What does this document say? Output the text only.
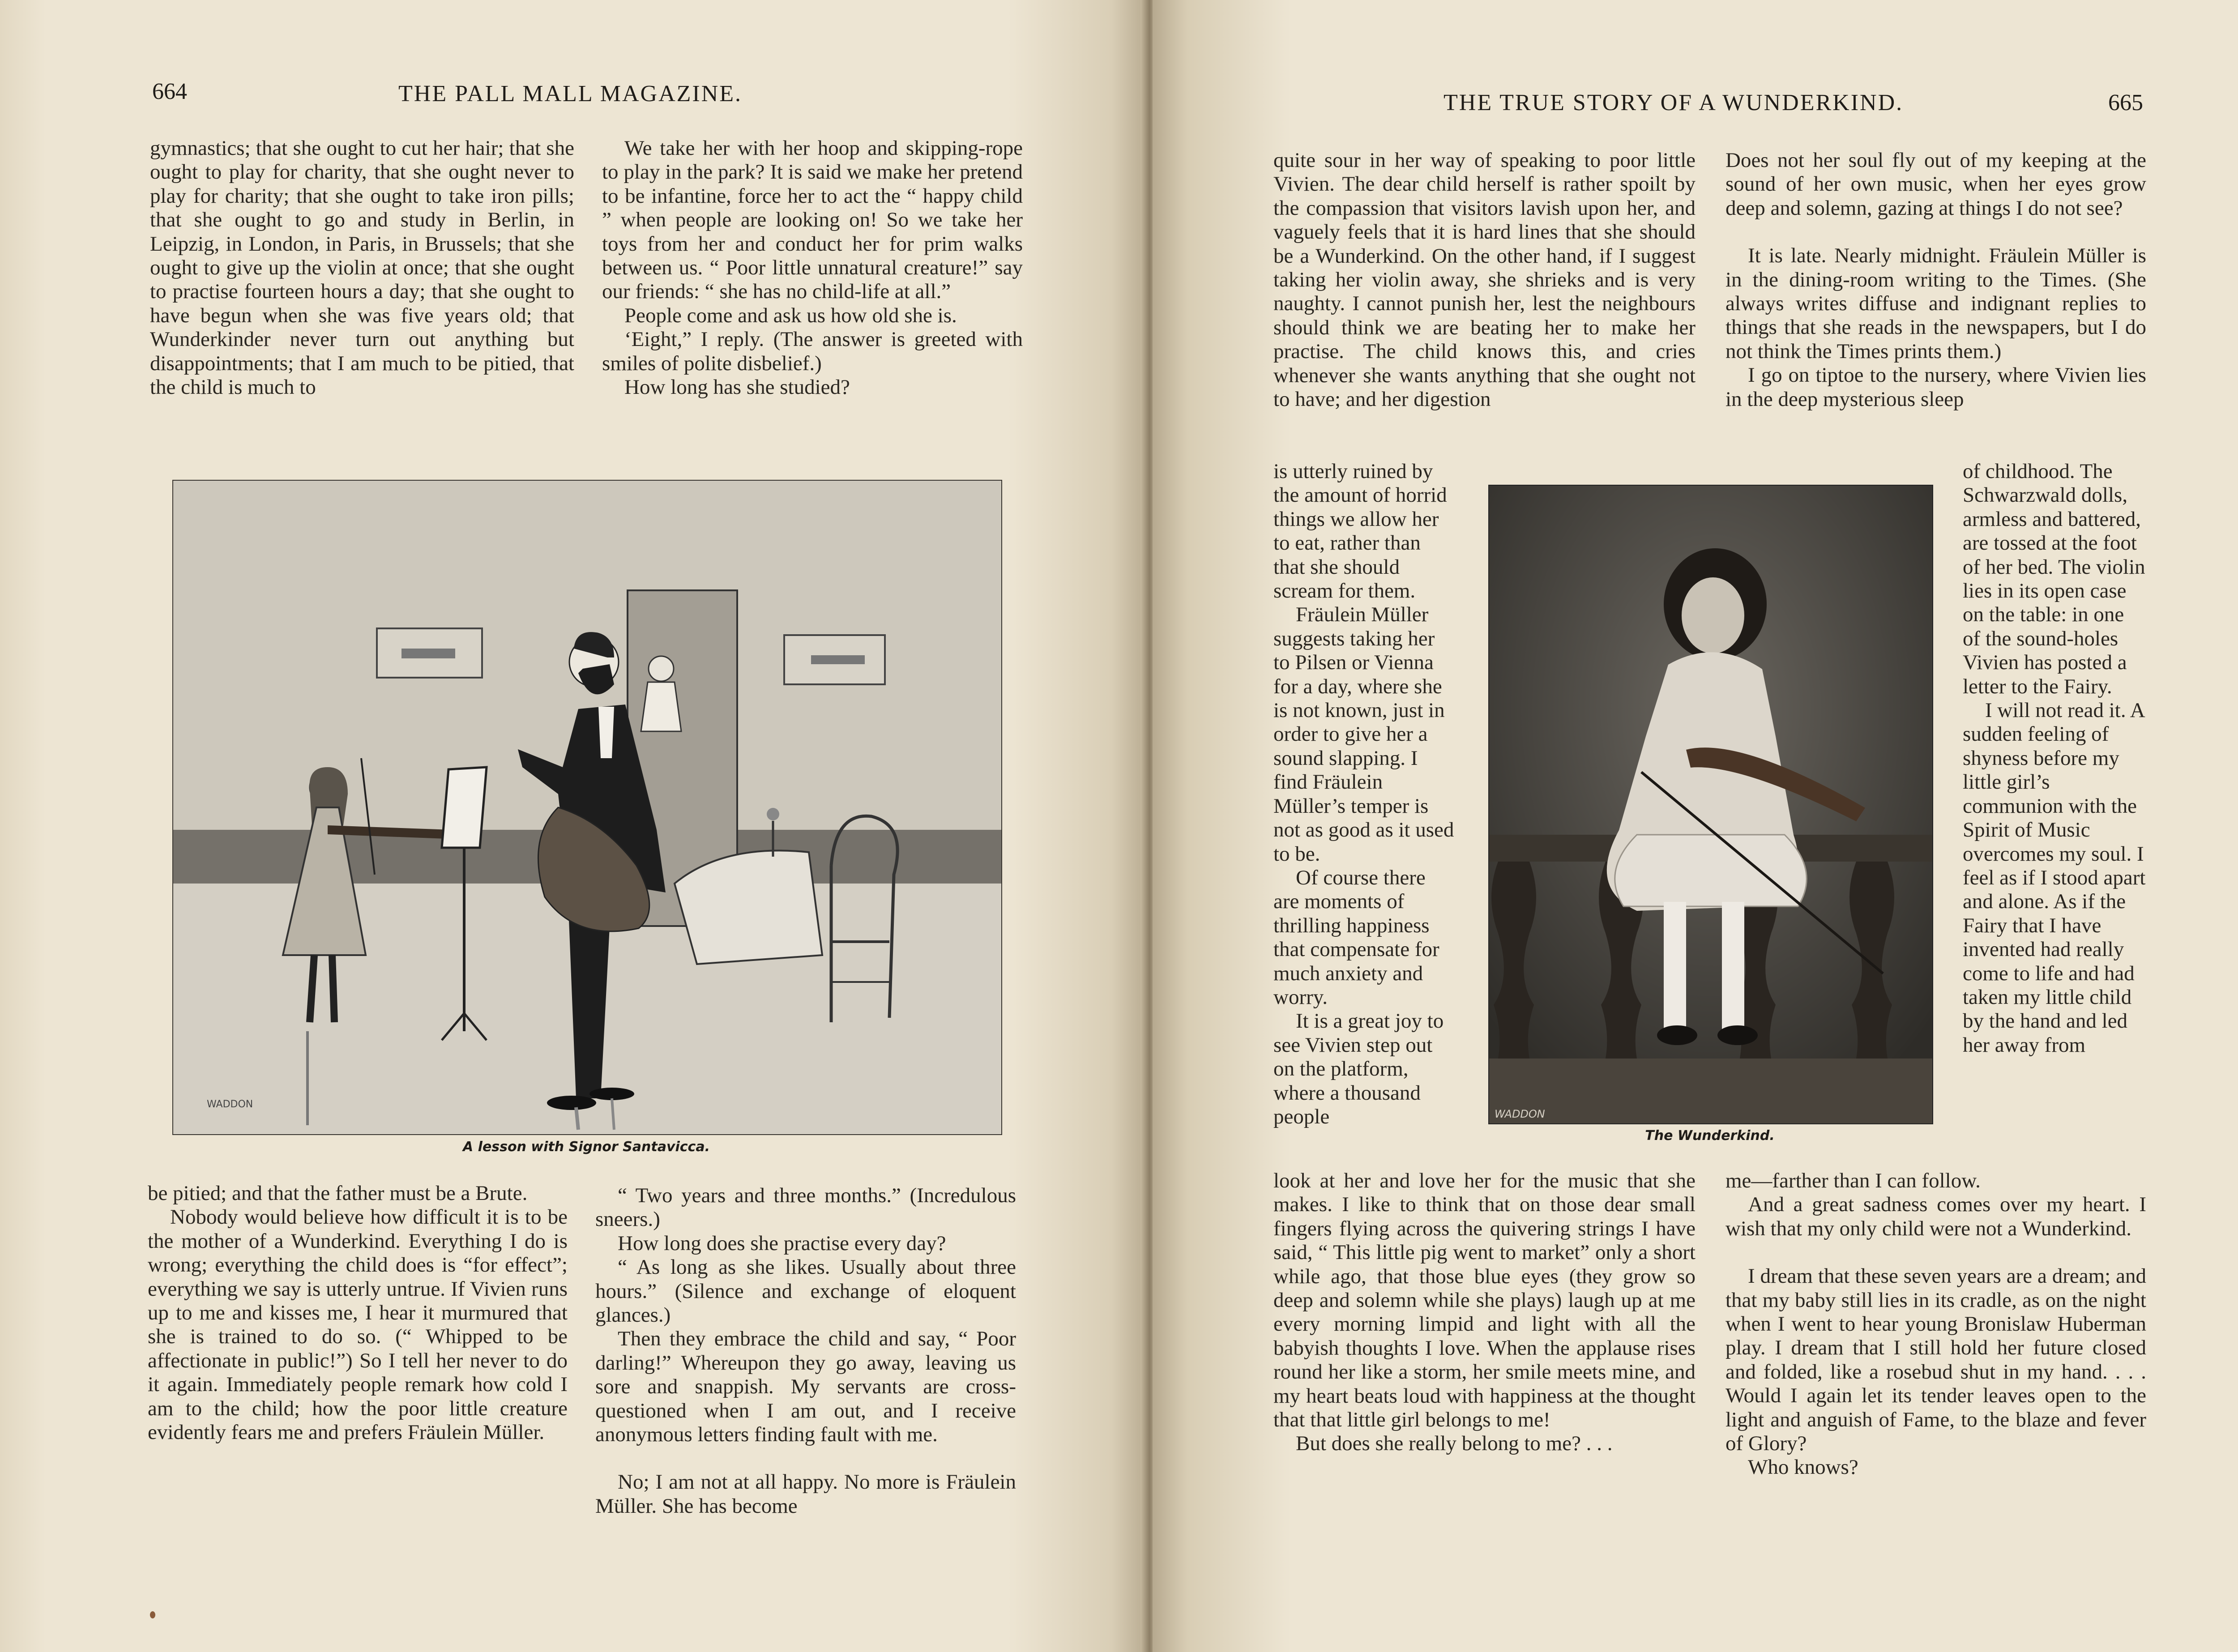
664	THE PALL MALL MAGAZINE.

gymnastics; that she ought to cut her hair; that she ought to play for charity, that she ought never to play for charity; that she ought to take iron pills; that she ought to go and study in Berlin, in Leipzig, in London, in Paris, in Brussels; that she ought to give up the violin at once; that she ought to practise fourteen hours a day; that she ought to have begun when she was five years old; that Wunderkinder never turn out anything but disappointments; that I am much to be pitied, that the child is much to

We take her with her hoop and skipping-rope to play in the park? It is said we make her pretend to be infantine, force her to act the “ happy child ” when people are looking on! So we take her toys from her and conduct her for prim walks between us. “ Poor little unnatural creature!” say our friends: “ she has no child-life at all.”

People come and ask us how old she is.

‘Eight,” I reply. (The answer is greeted with smiles of polite disbelief.)

How long has she studied?

WADDON
A lesson with Signor Santavicca.

be pitied; and that the father must be a Brute.

Nobody would believe how difficult it is to be the mother of a Wunderkind. Everything I do is wrong; everything the child does is “for effect”; everything we say is utterly untrue. If Vivien runs up to me and kisses me, I hear it murmured that she is trained to do so. (“ Whipped to be affectionate in public!”) So I tell her never to do it again. Immediately people remark how cold I am to the child; how the poor little creature evidently fears me and prefers Fräulein Müller.

“ Two years and three months.” (Incredulous sneers.)

How long does she practise every day?

“ As long as she likes. Usually about three hours.” (Silence and exchange of eloquent glances.)

Then they embrace the child and say, “ Poor darling!” Whereupon they go away, leaving us sore and snappish. My servants are cross-questioned when I am out, and I receive anonymous letters finding fault with me.

No; I am not at all happy. No more is Fräulein Müller. She has become

THE TRUE STORY OF A WUNDERKIND.	665

quite sour in her way of speaking to poor little Vivien. The dear child herself is rather spoilt by the compassion that visitors lavish upon her, and vaguely feels that it is hard lines that she should be a Wunderkind. On the other hand, if I suggest taking her violin away, she shrieks and is very naughty. I cannot punish her, lest the neighbours should think we are beating her to make her practise. The child knows this, and cries whenever she wants anything that she ought not to have; and her digestion

is utterly ruined by the amount of horrid things we allow her to eat, rather than that she should scream for them.

Fräulein Müller suggests taking her to Pilsen or Vienna for a day, where she is not known, just in order to give her a sound slapping. I find Fräulein Müller’s temper is not as good as it used to be.

Of course there are moments of thrilling happiness that compensate for much anxiety and worry.

It is a great joy to see Vivien step out on the platform, where a thousand people

look at her and love her for the music that she makes. I like to think that on those dear small fingers flying across the quivering strings I have said, “ This little pig went to market” only a short while ago, that those blue eyes (they grow so deep and solemn while she plays) laugh up at me every morning limpid and light with all the babyish thoughts I love. When the applause rises round her like a storm, her smile meets mine, and my heart beats loud with happiness at the thought that that little girl belongs to me!

But does she really belong to me? . . .

Does not her soul fly out of my keeping at the sound of her own music, when her eyes grow deep and solemn, gazing at things I do not see?

It is late. Nearly midnight. Fräulein Müller is in the dining-room writing to the Times. (She always writes diffuse and indignant replies to things that she reads in the newspapers, but I do not think the Times prints them.)

I go on tiptoe to the nursery, where Vivien lies in the deep mysterious sleep

of childhood. The Schwarzwald dolls, armless and battered, are tossed at the foot of her bed. The violin lies in its open case on the table: in one of the sound-holes Vivien has posted a letter to the Fairy.

I will not read it. A sudden feeling of shyness before my little girl’s communion with the Spirit of Music overcomes my soul. I feel as if I stood apart and alone. As if the Fairy that I have invented had really come to life and had taken my little child by the hand and led her away from

me—farther than I can follow.

And a great sadness comes over my heart. I wish that my only child were not a Wunderkind.

I dream that these seven years are a dream; and that my baby still lies in its cradle, as on the night when I went to hear young Bronislaw Huberman play. I dream that I still hold her future closed and folded, like a rosebud shut in my hand. . . . Would I again let its tender leaves open to the light and anguish of Fame, to the blaze and fever of Glory?

Who knows?

WADDON
The Wunderkind.
